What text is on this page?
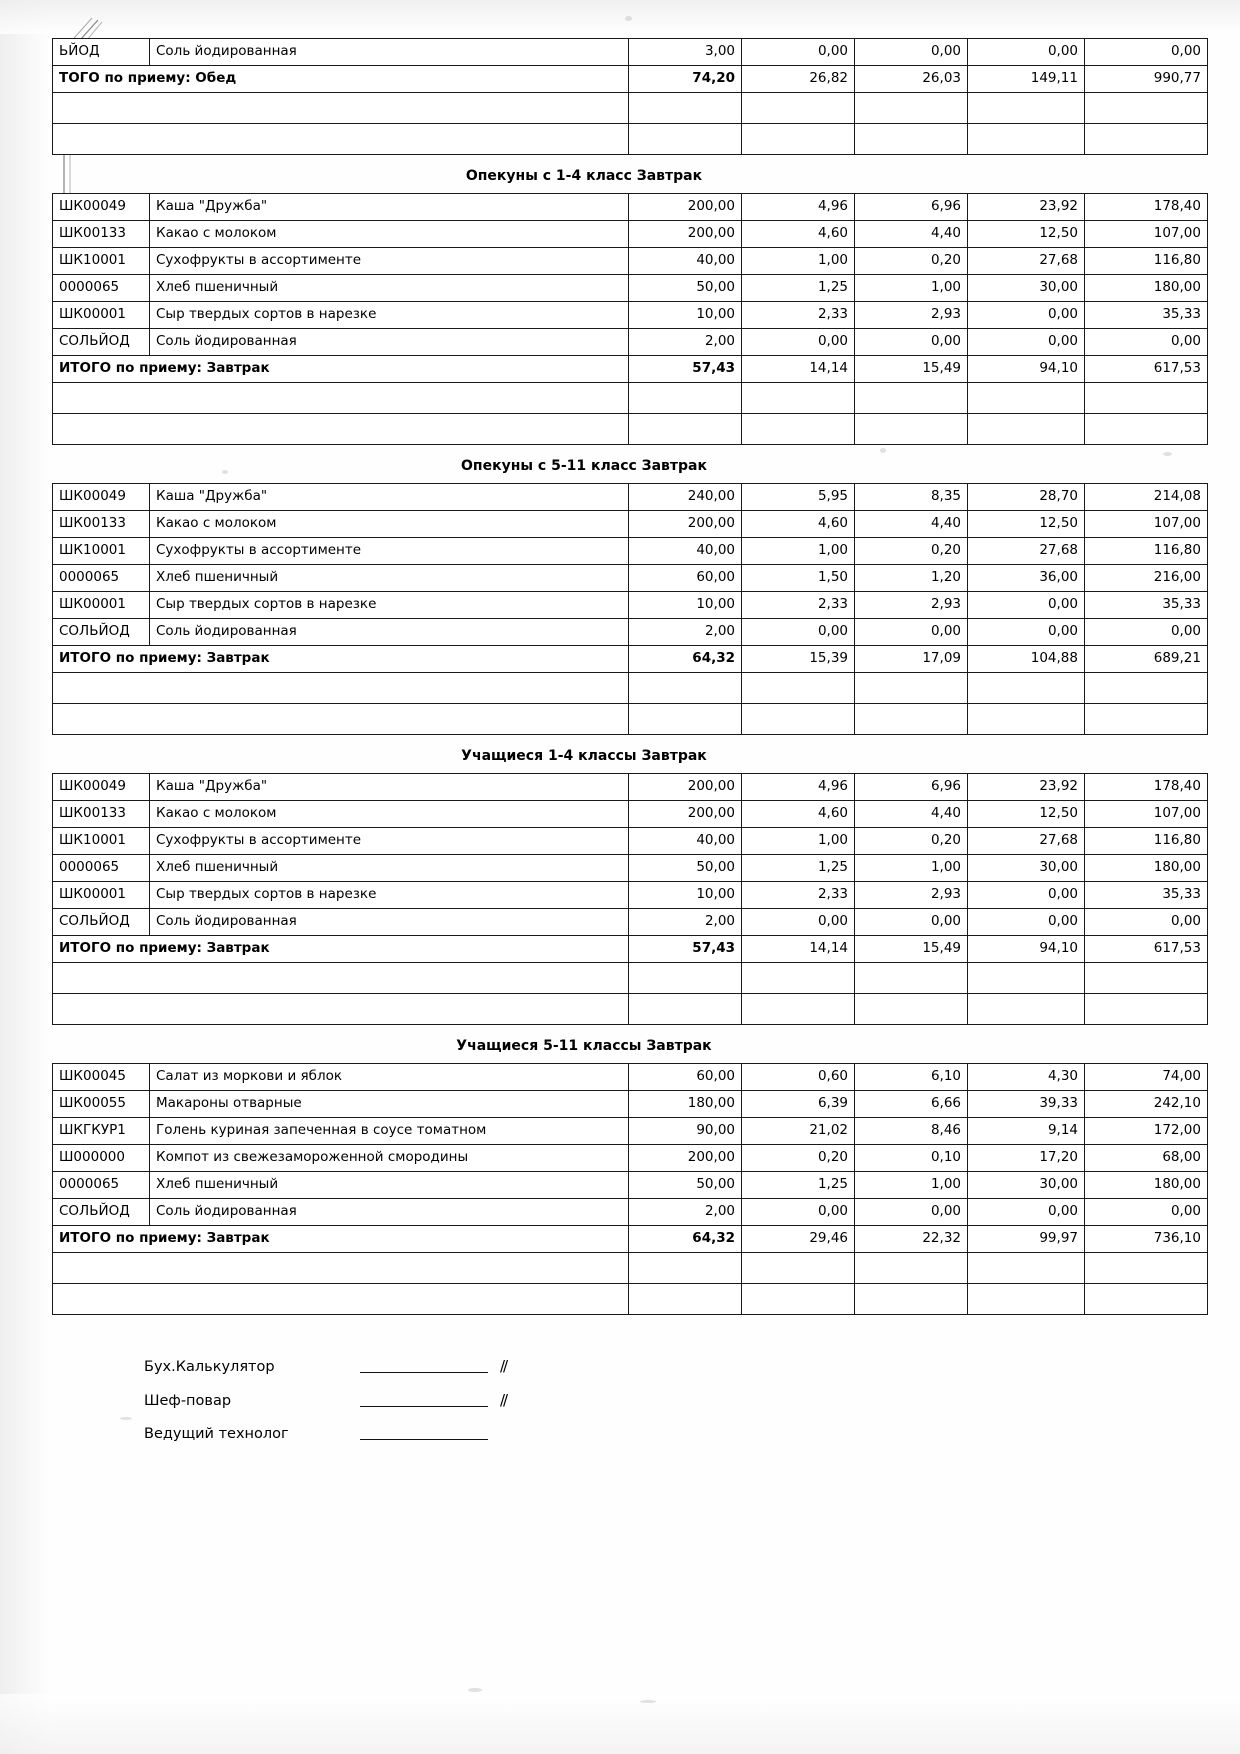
ЬЙОД	Соль йодированная	3,00	0,00	0,00	0,00	0,00
ТОГО по приему: Обед		74,20	26,82	26,03	149,11	990,77

Опекуны с 1-4 класс Завтрак
ШК00049	Каша "Дружба"	200,00	4,96	6,96	23,92	178,40
ШК00133	Какао с молоком	200,00	4,60	4,40	12,50	107,00
ШК10001	Сухофрукты в ассортименте	40,00	1,00	0,20	27,68	116,80
0000065	Хлеб пшеничный	50,00	1,25	1,00	30,00	180,00
ШК00001	Сыр твердых сортов в нарезке	10,00	2,33	2,93	0,00	35,33
СОЛЬЙОД	Соль йодированная	2,00	0,00	0,00	0,00	0,00
ИТОГО по приему: Завтрак		57,43	14,14	15,49	94,10	617,53

Опекуны с 5-11 класс Завтрак
ШК00049	Каша "Дружба"	240,00	5,95	8,35	28,70	214,08
ШК00133	Какао с молоком	200,00	4,60	4,40	12,50	107,00
ШК10001	Сухофрукты в ассортименте	40,00	1,00	0,20	27,68	116,80
0000065	Хлеб пшеничный	60,00	1,50	1,20	36,00	216,00
ШК00001	Сыр твердых сортов в нарезке	10,00	2,33	2,93	0,00	35,33
СОЛЬЙОД	Соль йодированная	2,00	0,00	0,00	0,00	0,00
ИТОГО по приему: Завтрак		64,32	15,39	17,09	104,88	689,21

Учащиеся 1-4 классы Завтрак
ШК00049	Каша "Дружба"	200,00	4,96	6,96	23,92	178,40
ШК00133	Какао с молоком	200,00	4,60	4,40	12,50	107,00
ШК10001	Сухофрукты в ассортименте	40,00	1,00	0,20	27,68	116,80
0000065	Хлеб пшеничный	50,00	1,25	1,00	30,00	180,00
ШК00001	Сыр твердых сортов в нарезке	10,00	2,33	2,93	0,00	35,33
СОЛЬЙОД	Соль йодированная	2,00	0,00	0,00	0,00	0,00
ИТОГО по приему: Завтрак		57,43	14,14	15,49	94,10	617,53

Учащиеся 5-11 классы Завтрак
ШК00045	Салат из моркови и яблок	60,00	0,60	6,10	4,30	74,00
ШК00055	Макароны отварные	180,00	6,39	6,66	39,33	242,10
ШКГКУР1	Голень куриная запеченная в соусе томатном	90,00	21,02	8,46	9,14	172,00
Ш000000	Компот из свежезамороженной смородины	200,00	0,20	0,10	17,20	68,00
0000065	Хлеб пшеничный	50,00	1,25	1,00	30,00	180,00
СОЛЬЙОД	Соль йодированная	2,00	0,00	0,00	0,00	0,00
ИТОГО по приему: Завтрак		64,32	29,46	22,32	99,97	736,10

Бух.Калькулятор	//
Шеф-повар	//
Ведущий технолог
